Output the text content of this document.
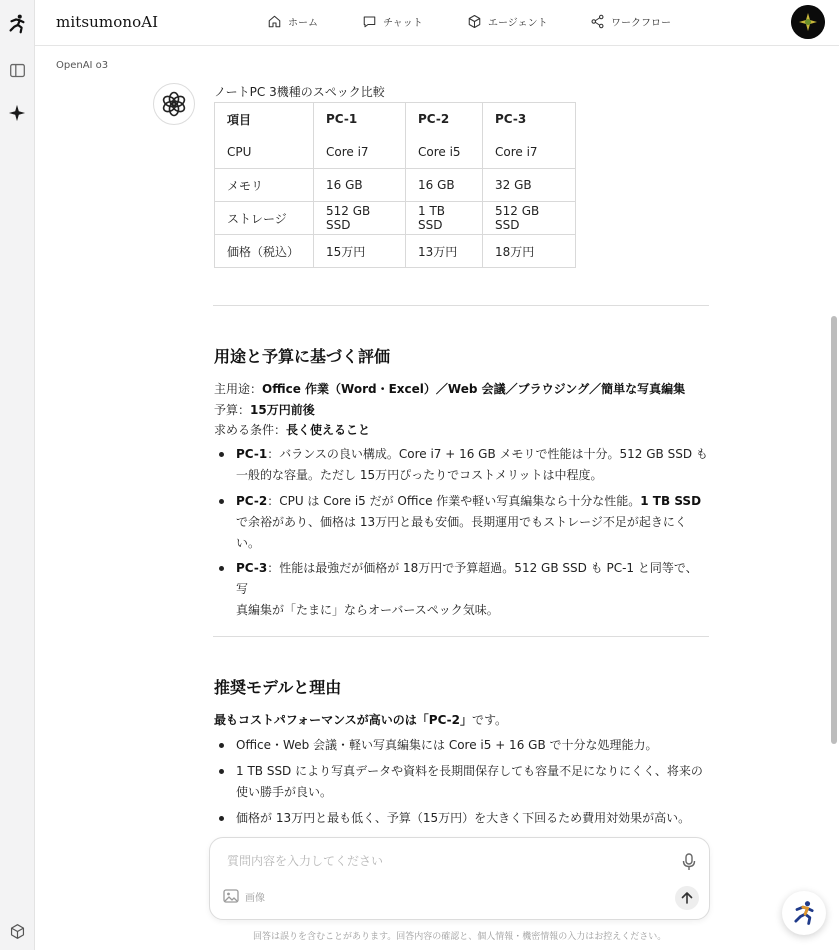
mitsumonoAI	ホーム	チャット	エージェント	ワークフロー
OpenAI o3
ノートPC 3機種のスペック比較
項目	PC-1	PC-2	PC-3
CPU	Core i7	Core i5	Core i7
メモリ	16 GB	16 GB	32 GB
ストレージ	512 GB SSD	1 TB SSD	512 GB SSD
価格（税込）	15万円	13万円	18万円
用途と予算に基づく評価
主用途：Office 作業（Word・Excel）／Web 会議／ブラウジング／簡単な写真編集
予算：15万円前後
求める条件：長く使えること
PC-1：バランスの良い構成。Core i7 + 16 GB メモリで性能は十分。512 GB SSD も
一般的な容量。ただし 15万円ぴったりでコストメリットは中程度。
PC-2：CPU は Core i5 だが Office 作業や軽い写真編集なら十分な性能。1 TB SSD
で余裕があり、価格は 13万円と最も安価。長期運用でもストレージ不足が起きにく
い。
PC-3：性能は最強だが価格が 18万円で予算超過。512 GB SSD も PC-1 と同等で、写
真編集が「たまに」ならオーバースペック気味。
推奨モデルと理由
最もコストパフォーマンスが高いのは「PC-2」です。
Office・Web 会議・軽い写真編集には Core i5 + 16 GB で十分な処理能力。
1 TB SSD により写真データや資料を長期間保存しても容量不足になりにくく、将来の
使い勝手が良い。
価格が 13万円と最も低く、予算（15万円）を大きく下回るため費用対効果が高い。
質問内容を入力してください
画像
回答は誤りを含むことがあります。回答内容の確認と、個人情報・機密情報の入力はお控えください。
